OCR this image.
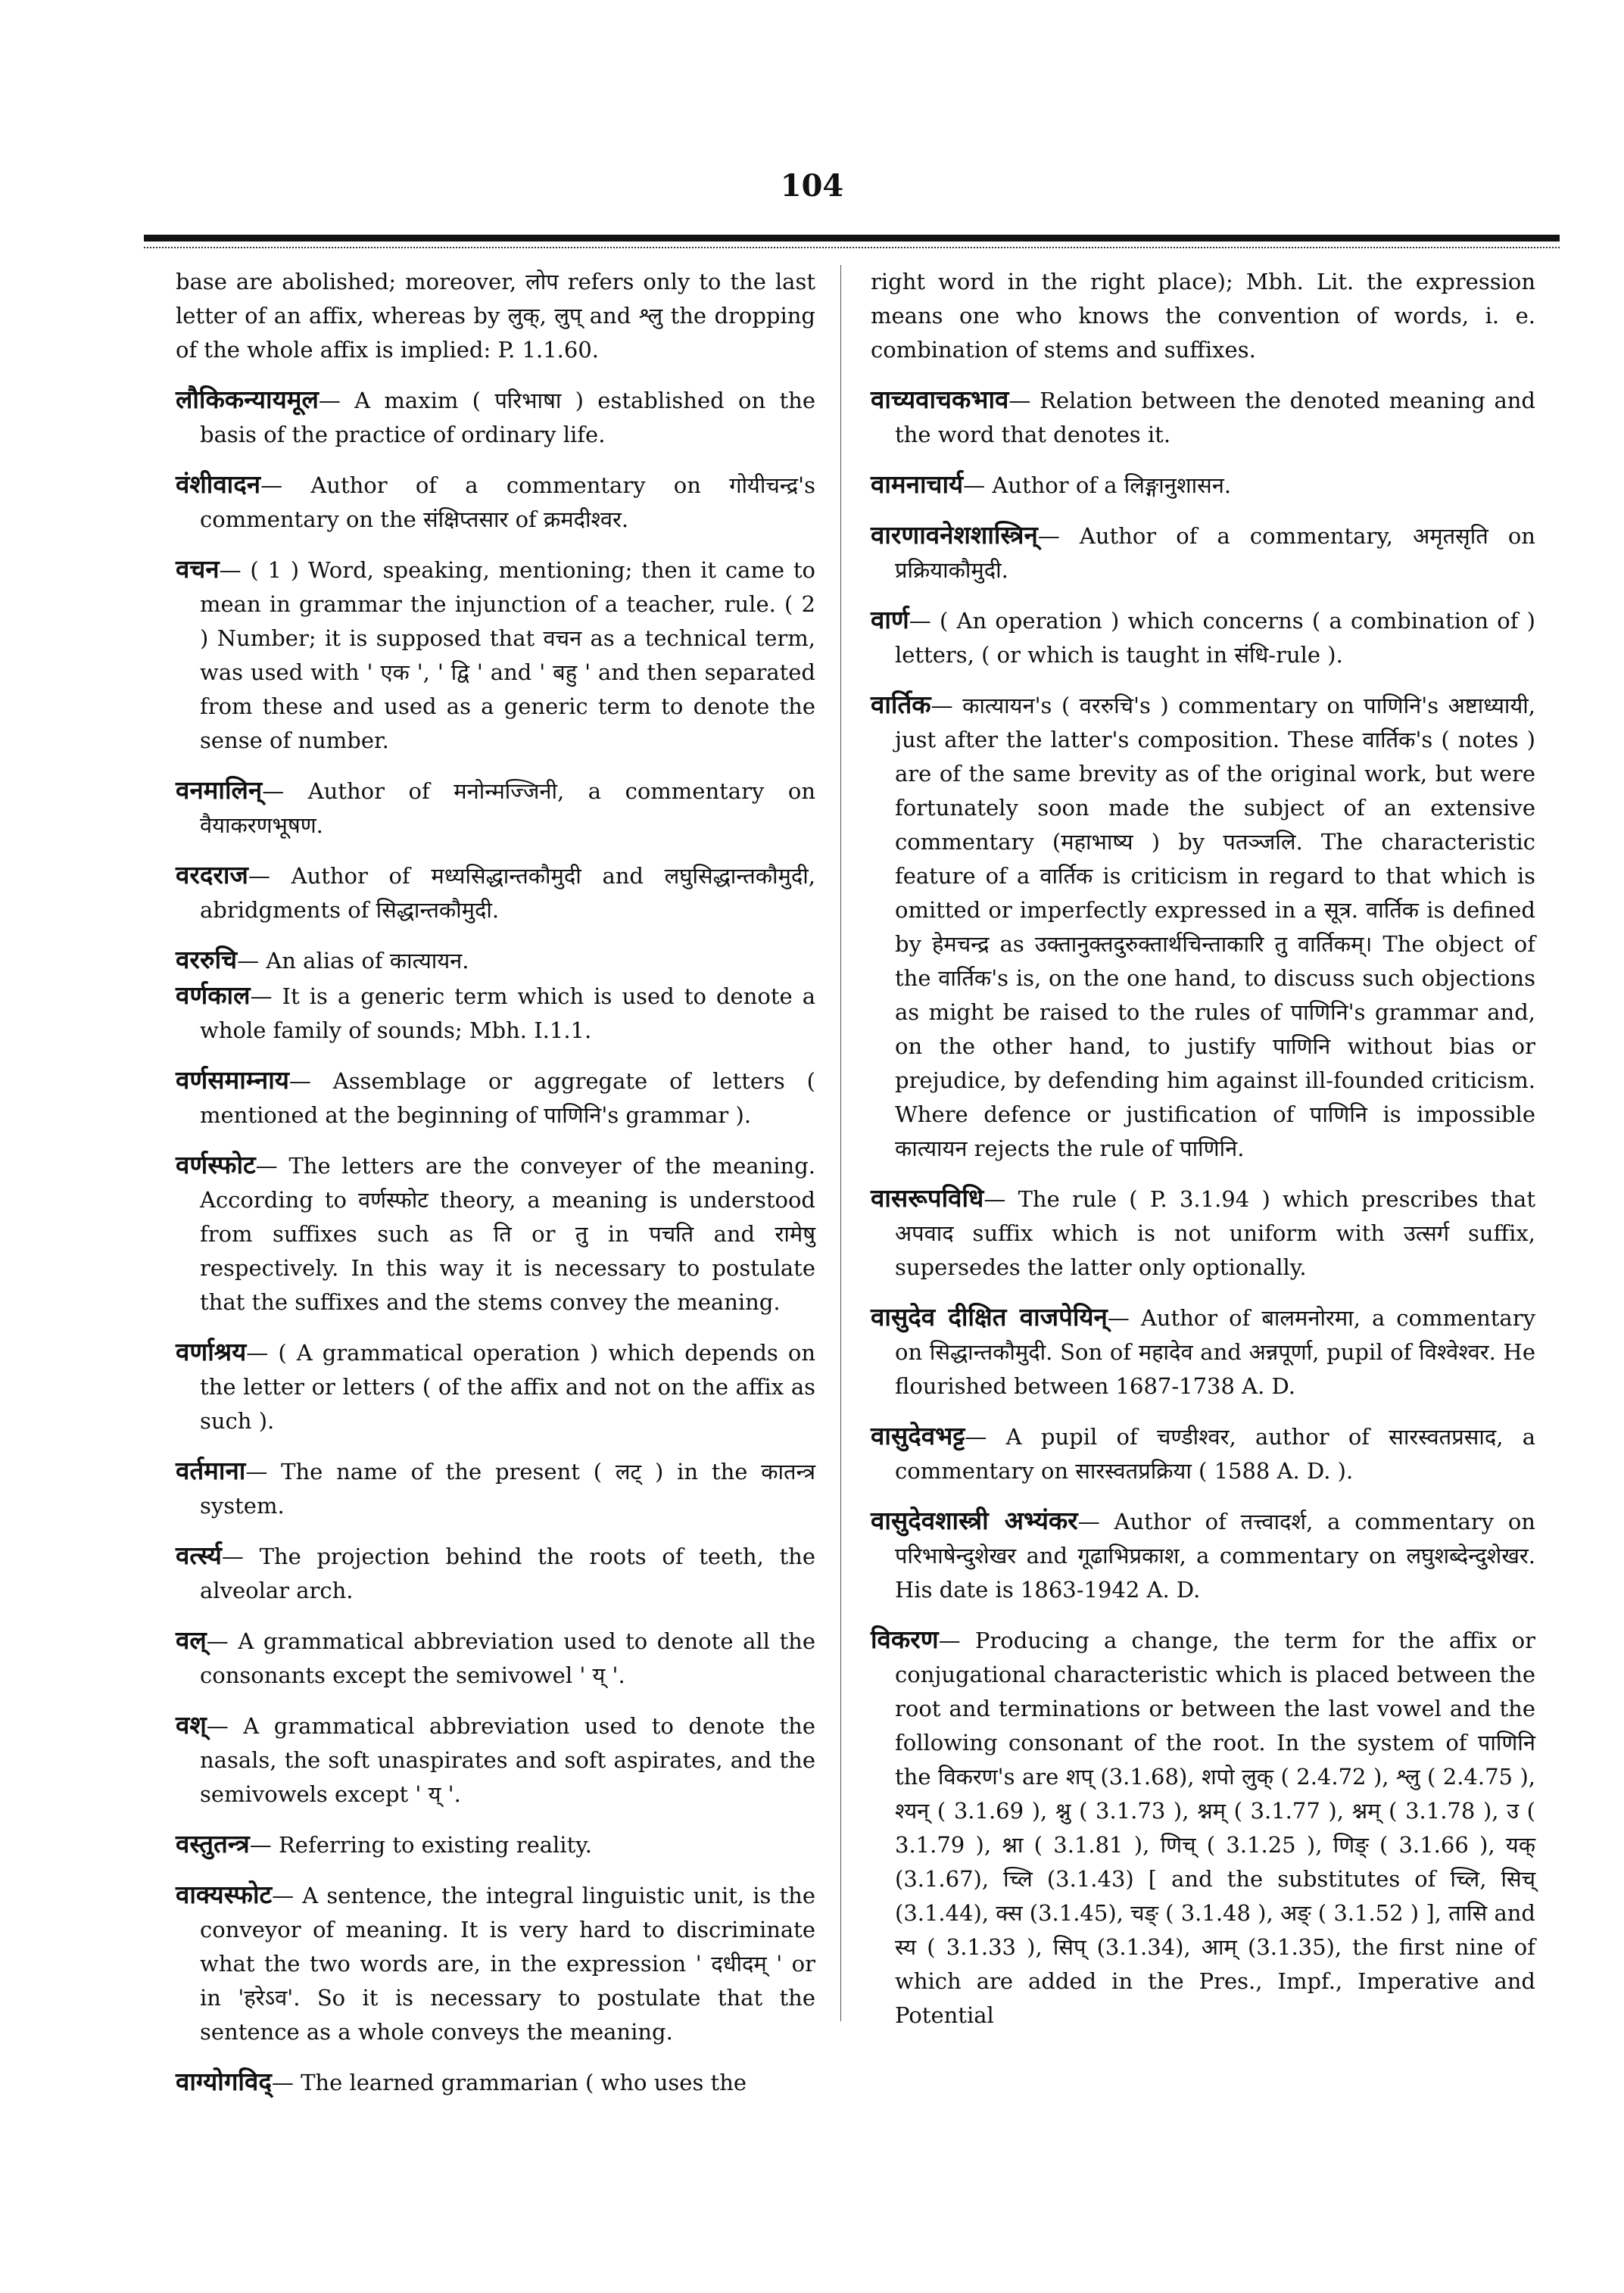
104

base are abolished; moreover, लोप refers only to the last letter of an affix, whereas by लुक्, लुप् and श्लु the dropping of the whole affix is implied: P. 1.1.60.

लौकिकन्यायमूल— A maxim ( परिभाषा ) established on the basis of the practice of ordinary life.

वंशीवादन— Author of a commentary on गोयीचन्द्र's commentary on the संक्षिप्तसार of क्रमदीश्वर.

वचन— ( 1 ) Word, speaking, mentioning; then it came to mean in grammar the injunction of a teacher, rule. ( 2 ) Number; it is supposed that वचन as a technical term, was used with ' एक ', ' द्वि ' and ' बहु ' and then separated from these and used as a generic term to denote the sense of number.

वनमालिन्— Author of मनोन्मज्जिनी, a commentary on वैयाकरणभूषण.

वरदराज— Author of मध्यसिद्धान्तकौमुदी and लघुसिद्धान्तकौमुदी, abridgments of सिद्धान्तकौमुदी.

वररुचि— An alias of कात्यायन.

वर्णकाल— It is a generic term which is used to denote a whole family of sounds; Mbh. I.1.1.

वर्णसमाम्नाय— Assemblage or aggregate of letters ( mentioned at the beginning of पाणिनि's grammar ).

वर्णस्फोट— The letters are the conveyer of the meaning. According to वर्णस्फोट theory, a meaning is understood from suffixes such as ति or तु in पचति and रामेषु respectively. In this way it is necessary to postulate that the suffixes and the stems convey the meaning.

वर्णाश्रय— ( A grammatical operation ) which depends on the letter or letters ( of the affix and not on the affix as such ).

वर्तमाना— The name of the present ( लट् ) in the कातन्त्र system.

वर्त्स्य— The projection behind the roots of teeth, the alveolar arch.

वल्— A grammatical abbreviation used to denote all the consonants except the semivowel ' य् '.

वश्— A grammatical abbreviation used to denote the nasals, the soft unaspirates and soft aspirates, and the semivowels except ' य् '.

वस्तुतन्त्र— Referring to existing reality.

वाक्यस्फोट— A sentence, the integral linguistic unit, is the conveyor of meaning. It is very hard to discriminate what the two words are, in the expression ' दधीदम् ' or in 'हरेऽव'. So it is necessary to postulate that the sentence as a whole conveys the meaning.

वाग्योगविद्— The learned grammarian ( who uses the

right word in the right place); Mbh. Lit. the expression means one who knows the convention of words, i. e. combination of stems and suffixes.

वाच्यवाचकभाव— Relation between the denoted meaning and the word that denotes it.

वामनाचार्य— Author of a लिङ्गानुशासन.

वारणावनेशशास्त्रिन्— Author of a commentary, अमृतसृति on प्रक्रियाकौमुदी.

वार्ण— ( An operation ) which concerns ( a combination of ) letters, ( or which is taught in संधि-rule ).

वार्तिक— कात्यायन's ( वररुचि's ) commentary on पाणिनि's अष्टाध्यायी, just after the latter's composition. These वार्तिक's ( notes ) are of the same brevity as of the original work, but were fortunately soon made the subject of an extensive commentary (महाभाष्य ) by पतञ्जलि. The characteristic feature of a वार्तिक is criticism in regard to that which is omitted or imperfectly expressed in a सूत्र. वार्तिक is defined by हेमचन्द्र as उक्तानुक्तदुरुक्तार्थचिन्ताकारि तु वार्तिकम्। The object of the वार्तिक's is, on the one hand, to discuss such objections as might be raised to the rules of पाणिनि's grammar and, on the other hand, to justify पाणिनि without bias or prejudice, by defending him against ill-founded criticism. Where defence or justification of पाणिनि is impossible कात्यायन rejects the rule of पाणिनि.

वासरूपविधि— The rule ( P. 3.1.94 ) which prescribes that अपवाद suffix which is not uniform with उत्सर्ग suffix, supersedes the latter only optionally.

वासुदेव दीक्षित वाजपेयिन्— Author of बालमनोरमा, a commentary on सिद्धान्तकौमुदी. Son of महादेव and अन्नपूर्णा, pupil of विश्वेश्वर. He flourished between 1687-1738 A. D.

वासुदेवभट्ट— A pupil of चण्डीश्वर, author of सारस्वतप्रसाद, a commentary on सारस्वतप्रक्रिया ( 1588 A. D. ).

वासुदेवशास्त्री अभ्यंकर— Author of तत्त्वादर्श, a commentary on परिभाषेन्दुशेखर and गूढाभिप्रकाश, a commentary on लघुशब्देन्दुशेखर. His date is 1863-1942 A. D.

विकरण— Producing a change, the term for the affix or conjugational characteristic which is placed between the root and terminations or between the last vowel and the following consonant of the root. In the system of पाणिनि the विकरण's are शप् (3.1.68), शपो लुक् ( 2.4.72 ), श्लु ( 2.4.75 ), श्यन् ( 3.1.69 ), श्नु ( 3.1.73 ), श्नम् ( 3.1.77 ), श्नम् ( 3.1.78 ), उ ( 3.1.79 ), श्ना ( 3.1.81 ), णिच् ( 3.1.25 ), णिङ् ( 3.1.66 ), यक् (3.1.67), च्लि (3.1.43) [ and the substitutes of च्लि, सिच् (3.1.44), क्स (3.1.45), चङ् ( 3.1.48 ), अङ् ( 3.1.52 ) ], तासि and स्य ( 3.1.33 ), सिप् (3.1.34), आम् (3.1.35), the first nine of which are added in the Pres., Impf., Imperative and Potential
